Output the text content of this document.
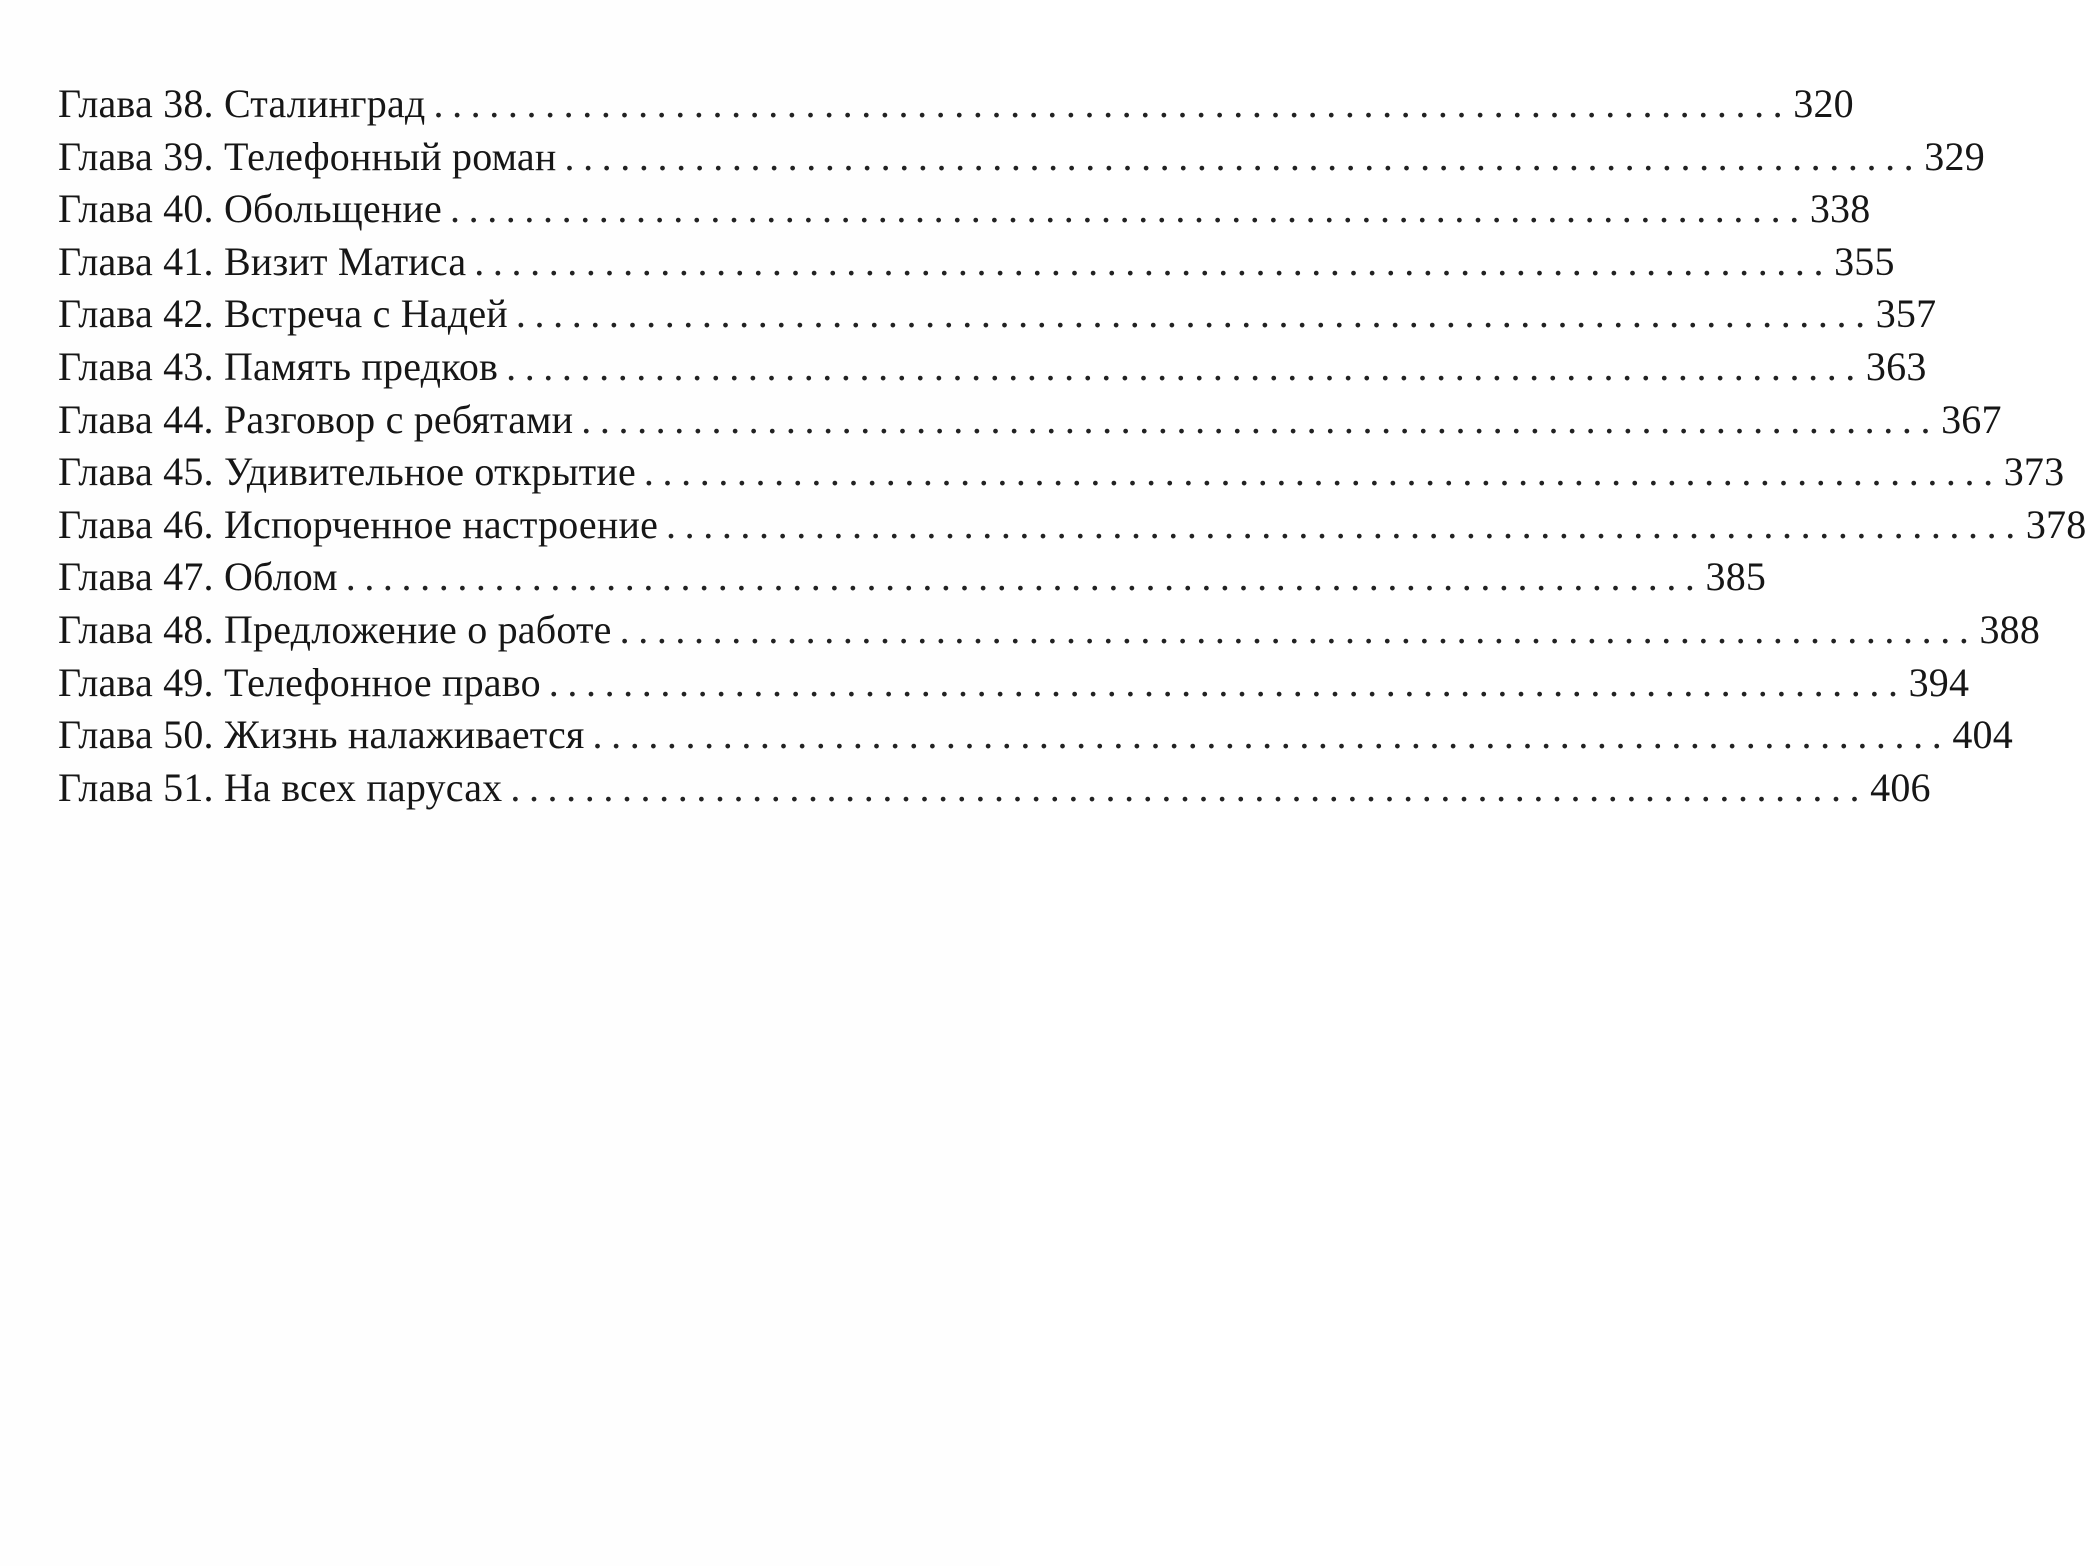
Глава 38. Сталинград ......................................................................... 320
Глава 39. Телефонный роман ......................................................................... 329
Глава 40. Обольщение ......................................................................... 338
Глава 41. Визит Матиса ......................................................................... 355
Глава 42. Встреча с Надей ......................................................................... 357
Глава 43. Память предков ......................................................................... 363
Глава 44. Разговор с ребятами ......................................................................... 367
Глава 45. Удивительное открытие ......................................................................... 373
Глава 46. Испорченное настроение ......................................................................... 378
Глава 47. Облом ......................................................................... 385
Глава 48. Предложение о работе ......................................................................... 388
Глава 49. Телефонное право ......................................................................... 394
Глава 50. Жизнь налаживается ......................................................................... 404
Глава 51. На всех парусах ......................................................................... 406
